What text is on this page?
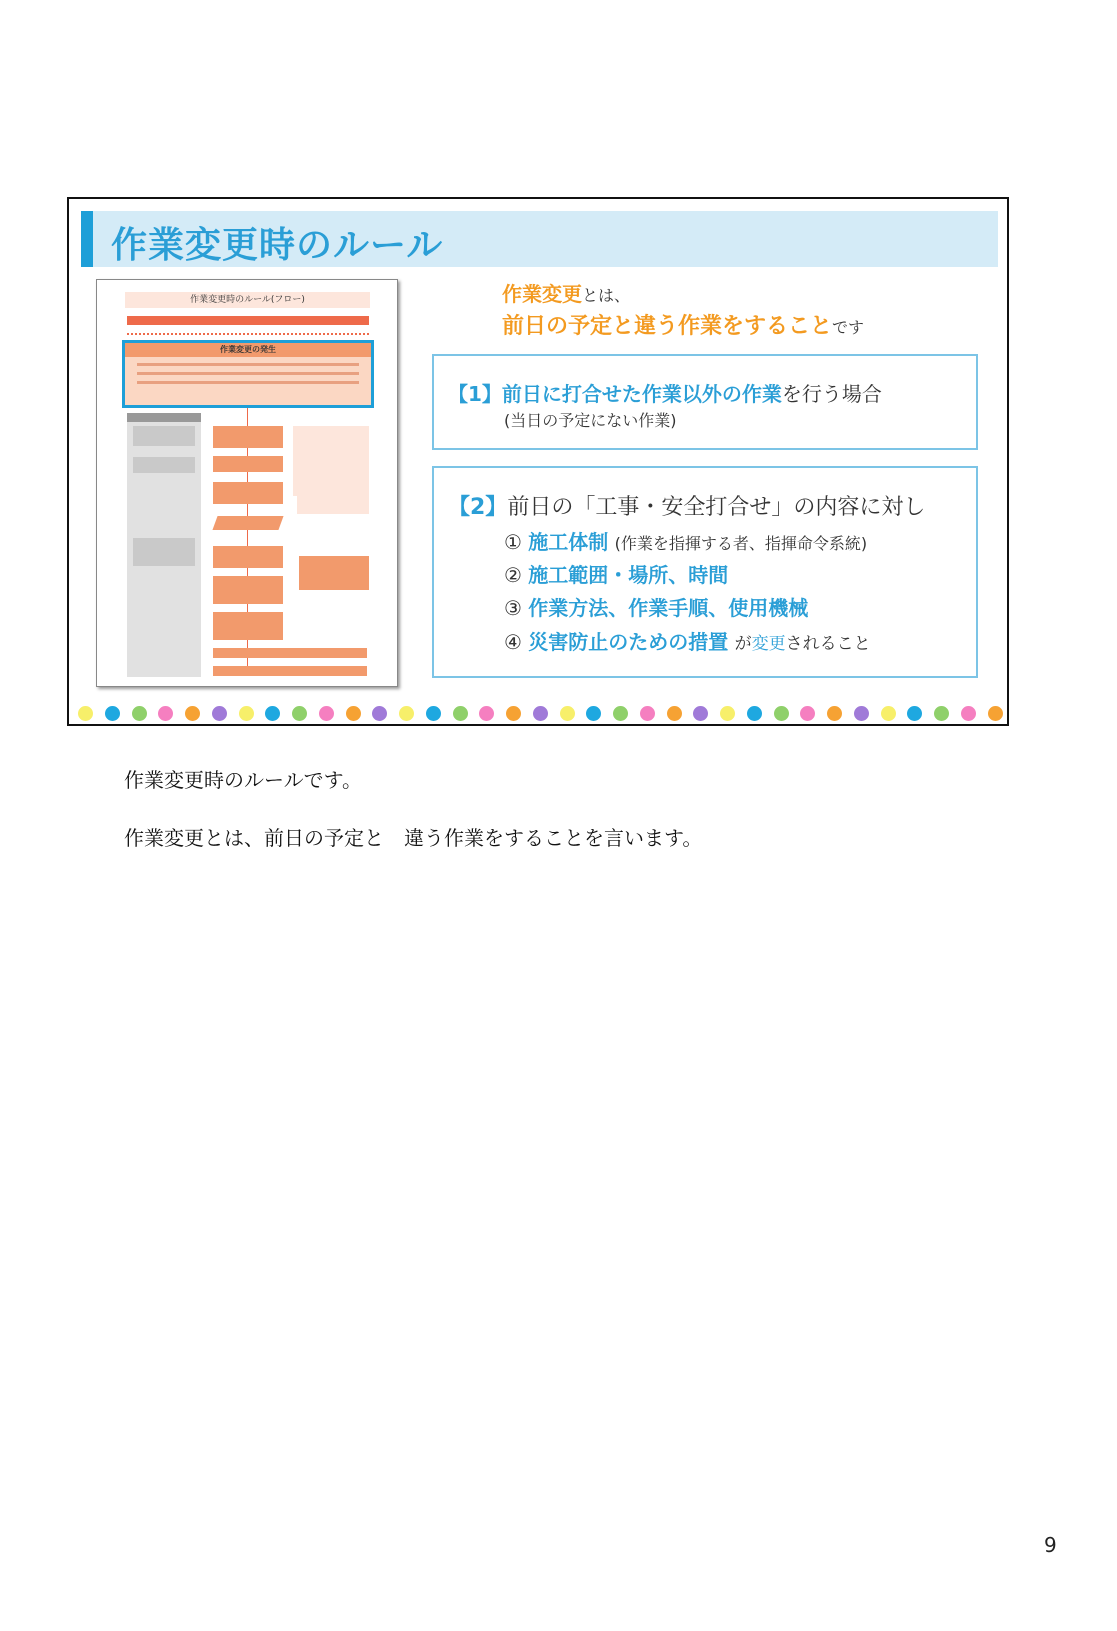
作業変更時のルール
作業変更時のルール(フロー)
作業変更の発生
作業変更とは、
前日の予定と違う作業をすることです
【1】前日に打合せた作業以外の作業を行う場合
(当日の予定にない作業)
【2】前日の「工事・安全打合せ」の内容に対し
① 施工体制 (作業を指揮する者、指揮命令系統)
② 施工範囲・場所、時間
③ 作業方法、作業手順、使用機械
④ 災害防止のための措置 が変更されること
作業変更時のルールです。
作業変更とは、前日の予定と　違う作業をすることを言います。
9
